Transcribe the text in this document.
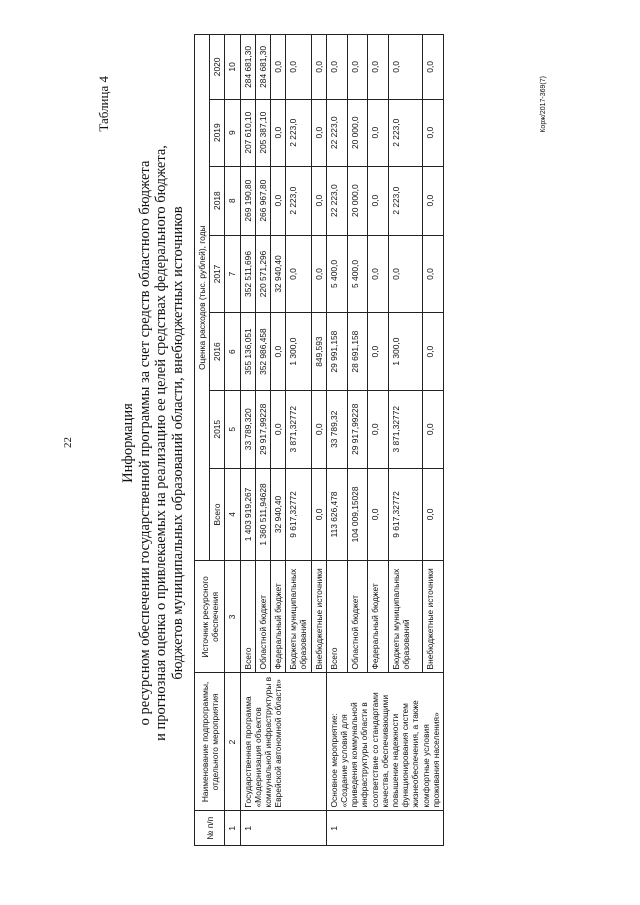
22
Таблица 4
Информация о ресурсном обеспечении государственной программы за счет средств областного бюджета и прогнозная оценка о привлекаемых на реализацию ее целей средствах федерального бюджета, бюджетов муниципальных образований области, внебюджетных источников
№ п/п	Наименование подпрограммы, отдельного мероприятия	Источник ресурсного обеспечения	Оценка расходов (тыс. рублей), годы						
			Всего	2015	2016	2017	2018	2019	2020
1	2	3	4	5	6	7	8	9	10
1	Государственная программа «Модернизация объектов коммунальной инфраструктуры в Еврейской автономной области»	Всего	1 403 919,267	33 789,320	355 136,051	352 511,696	269 190,80	207 610,10	284 681,30
		Областной бюджет	1 360 511,94628	29 917,99228	352 986,458	220 571,296	266 967,80	205 387,10	284 681,30
		Федеральный бюджет	32 940,40	0,0	0,0	32 940,40	0,0	0,0	0,0
		Бюджеты муниципальных образований	9 617,32772	3 871,32772	1 300,0	0,0	2 223,0	2 223,0	0,0
		Внебюджетные источники	0,0	0,0	849,593	0,0	0,0	0,0	0,0
1	Основное мероприятие: «Создание условий для приведения коммунальной инфраструктуры области в соответствие со стандартами качества, обеспечивающими повышение надежности функционирования систем жизнеобеспечения, а также комфортные условия проживания населения»	Всего	113 626,478	33 789,32	29 991,158	5 400,0	22 223,0	22 223,0	0,0
		Областной бюджет	104 009,15028	29 917,99228	28 691,158	5 400,0	20 000,0	20 000,0	0,0
		Федеральный бюджет	0,0	0,0	0,0	0,0	0,0	0,0	0,0
		Бюджеты муниципальных образований	9 617,32772	3 871,32772	1 300,0	0,0	2 223,0	2 223,0	0,0
		Внебюджетные источники	0,0	0,0	0,0	0,0	0,0	0,0	0,0
Корж/2017-369(7)
